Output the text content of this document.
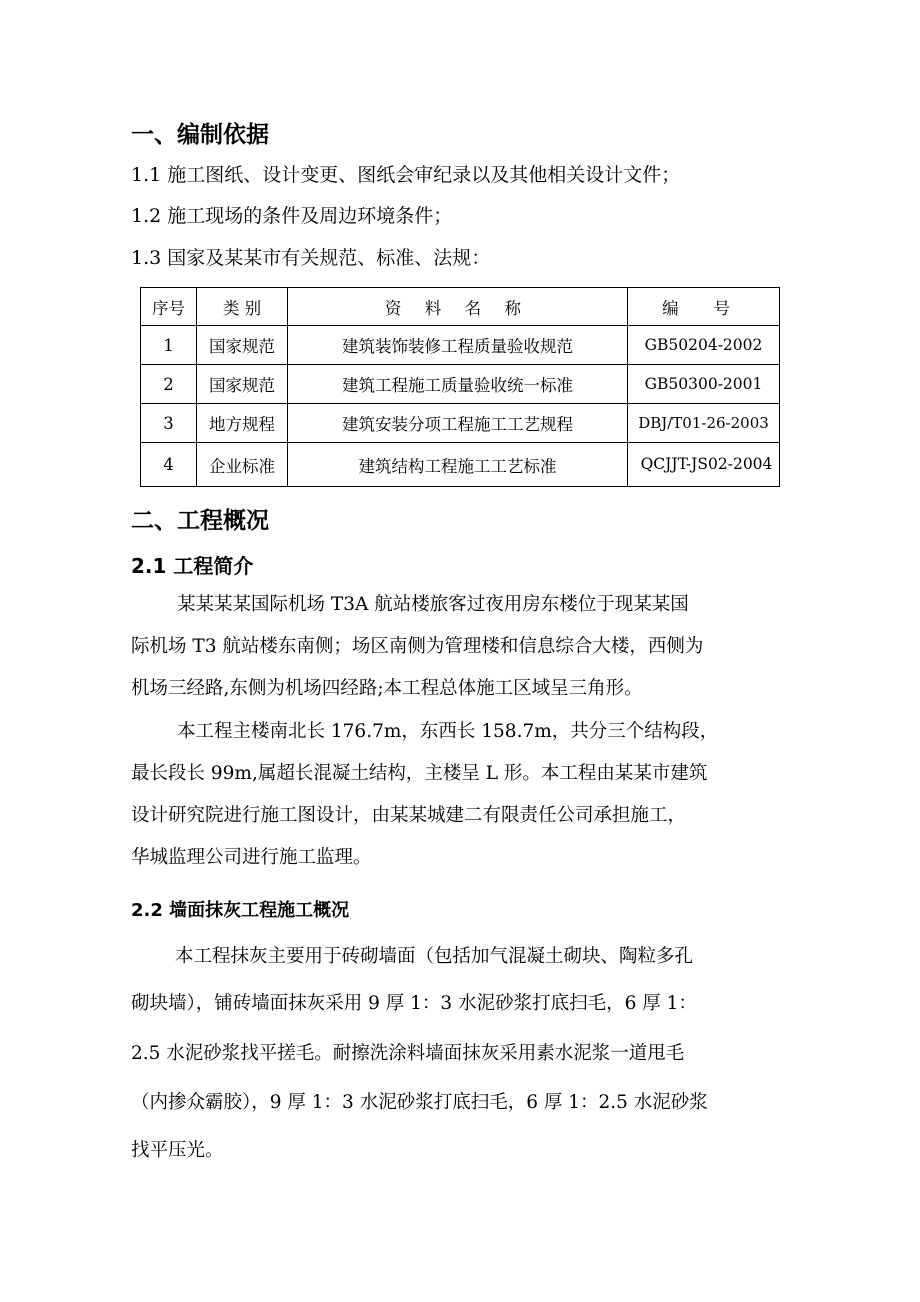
一、编制依据
1.1 施工图纸、设计变更、图纸会审纪录以及其他相关设计文件；
1.2 施工现场的条件及周边环境条件；
1.3 国家及某某市有关规范、标准、法规：
序号	类 别	资 料 名 称	编 号
1	国家规范	建筑装饰装修工程质量验收规范	GB50204-2002
2	国家规范	建筑工程施工质量验收统一标准	GB50300-2001
3	地方规程	建筑安装分项工程施工工艺规程	DBJ/T01-26-2003
4	企业标准	建筑结构工程施工工艺标准	QCJJT-JS02-2004
二、工程概况
2.1 工程简介
某某某某国际机场 T3A 航站楼旅客过夜用房东楼位于现某某国
际机场 T3 航站楼东南侧；场区南侧为管理楼和信息综合大楼，西侧为
机场三经路,东侧为机场四经路;本工程总体施工区域呈三角形。
本工程主楼南北长 176.7m，东西长 158.7m，共分三个结构段，
最长段长 99m,属超长混凝土结构，主楼呈 L 形。本工程由某某市建筑
设计研究院进行施工图设计，由某某城建二有限责任公司承担施工，
华城监理公司进行施工监理。
2.2 墙面抹灰工程施工概况
本工程抹灰主要用于砖砌墙面（包括加气混凝土砌块、陶粒多孔
砌块墙），铺砖墙面抹灰采用 9 厚 1：3 水泥砂浆打底扫毛，6 厚 1：
2.5 水泥砂浆找平搓毛。耐擦洗涂料墙面抹灰采用素水泥浆一道甩毛
（内掺众霸胶），9 厚 1：3 水泥砂浆打底扫毛，6 厚 1：2.5 水泥砂浆
找平压光。
